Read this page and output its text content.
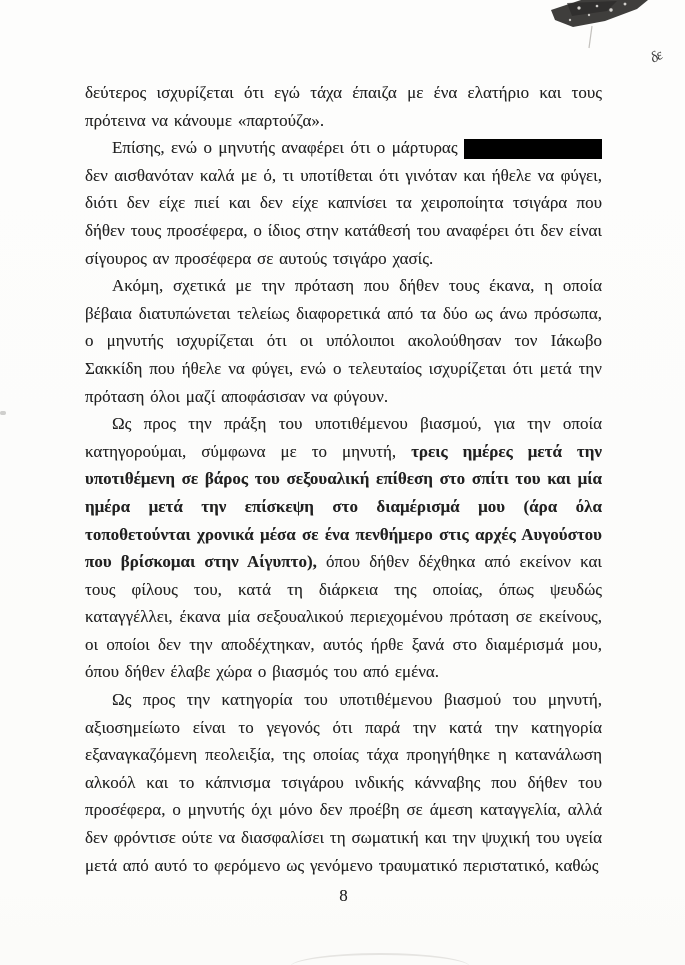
δε

δεύτερος ισχυρίζεται ότι εγώ τάχα έπαιζα με ένα ελατήριο και τους πρότεινα να κάνουμε «παρτούζα».

Επίσης, ενώ ο μηνυτής αναφέρει ότι ο μάρτυρας  δεν αισθανόταν καλά με ό, τι υποτίθεται ότι γινόταν και ήθελε να φύγει, διότι δεν είχε πιεί και δεν είχε καπνίσει τα χειροποίητα τσιγάρα που δήθεν τους προσέφερα, ο ίδιος στην κατάθεσή του αναφέρει ότι δεν είναι σίγουρος αν προσέφερα σε αυτούς τσιγάρο χασίς.

Ακόμη, σχετικά με την πρόταση που δήθεν τους έκανα, η οποία βέβαια διατυπώνεται τελείως διαφορετικά από τα δύο ως άνω πρόσωπα, ο μηνυτής ισχυρίζεται ότι οι υπόλοιποι ακολούθησαν τον Ιάκωβο Σακκίδη που ήθελε να φύγει, ενώ ο τελευταίος ισχυρίζεται ότι μετά την πρόταση όλοι μαζί αποφάσισαν να φύγουν.

Ως προς την πράξη του υποτιθέμενου βιασμού, για την οποία κατηγορούμαι, σύμφωνα με το μηνυτή, τρεις ημέρες μετά την υποτιθέμενη σε βάρος του σεξουαλική επίθεση στο σπίτι του και μία ημέρα μετά την επίσκεψη στο διαμέρισμά μου (άρα όλα τοποθετούνται χρονικά μέσα σε ένα πενθήμερο στις αρχές Αυγούστου που βρίσκομαι στην Αίγυπτο), όπου δήθεν δέχθηκα από εκείνον και τους φίλους του, κατά τη διάρκεια της οποίας, όπως ψευδώς καταγγέλλει, έκανα μία σεξουαλικού περιεχομένου πρόταση σε εκείνους, οι οποίοι δεν την αποδέχτηκαν, αυτός ήρθε ξανά στο διαμέρισμά μου, όπου δήθεν έλαβε χώρα ο βιασμός του από εμένα.

Ως προς την κατηγορία του υποτιθέμενου βιασμού του μηνυτή, αξιοσημείωτο είναι το γεγονός ότι παρά την κατά την κατηγορία εξαναγκαζόμενη πεολειξία, της οποίας τάχα προηγήθηκε η κατανάλωση αλκοόλ και το κάπνισμα τσιγάρου ινδικής κάνναβης που δήθεν του προσέφερα, ο μηνυτής όχι μόνο δεν προέβη σε άμεση καταγγελία, αλλά δεν φρόντισε ούτε να διασφαλίσει τη σωματική και την ψυχική του υγεία μετά από αυτό το φερόμενο ως γενόμενο τραυματικό περιστατικό, καθώς

8
